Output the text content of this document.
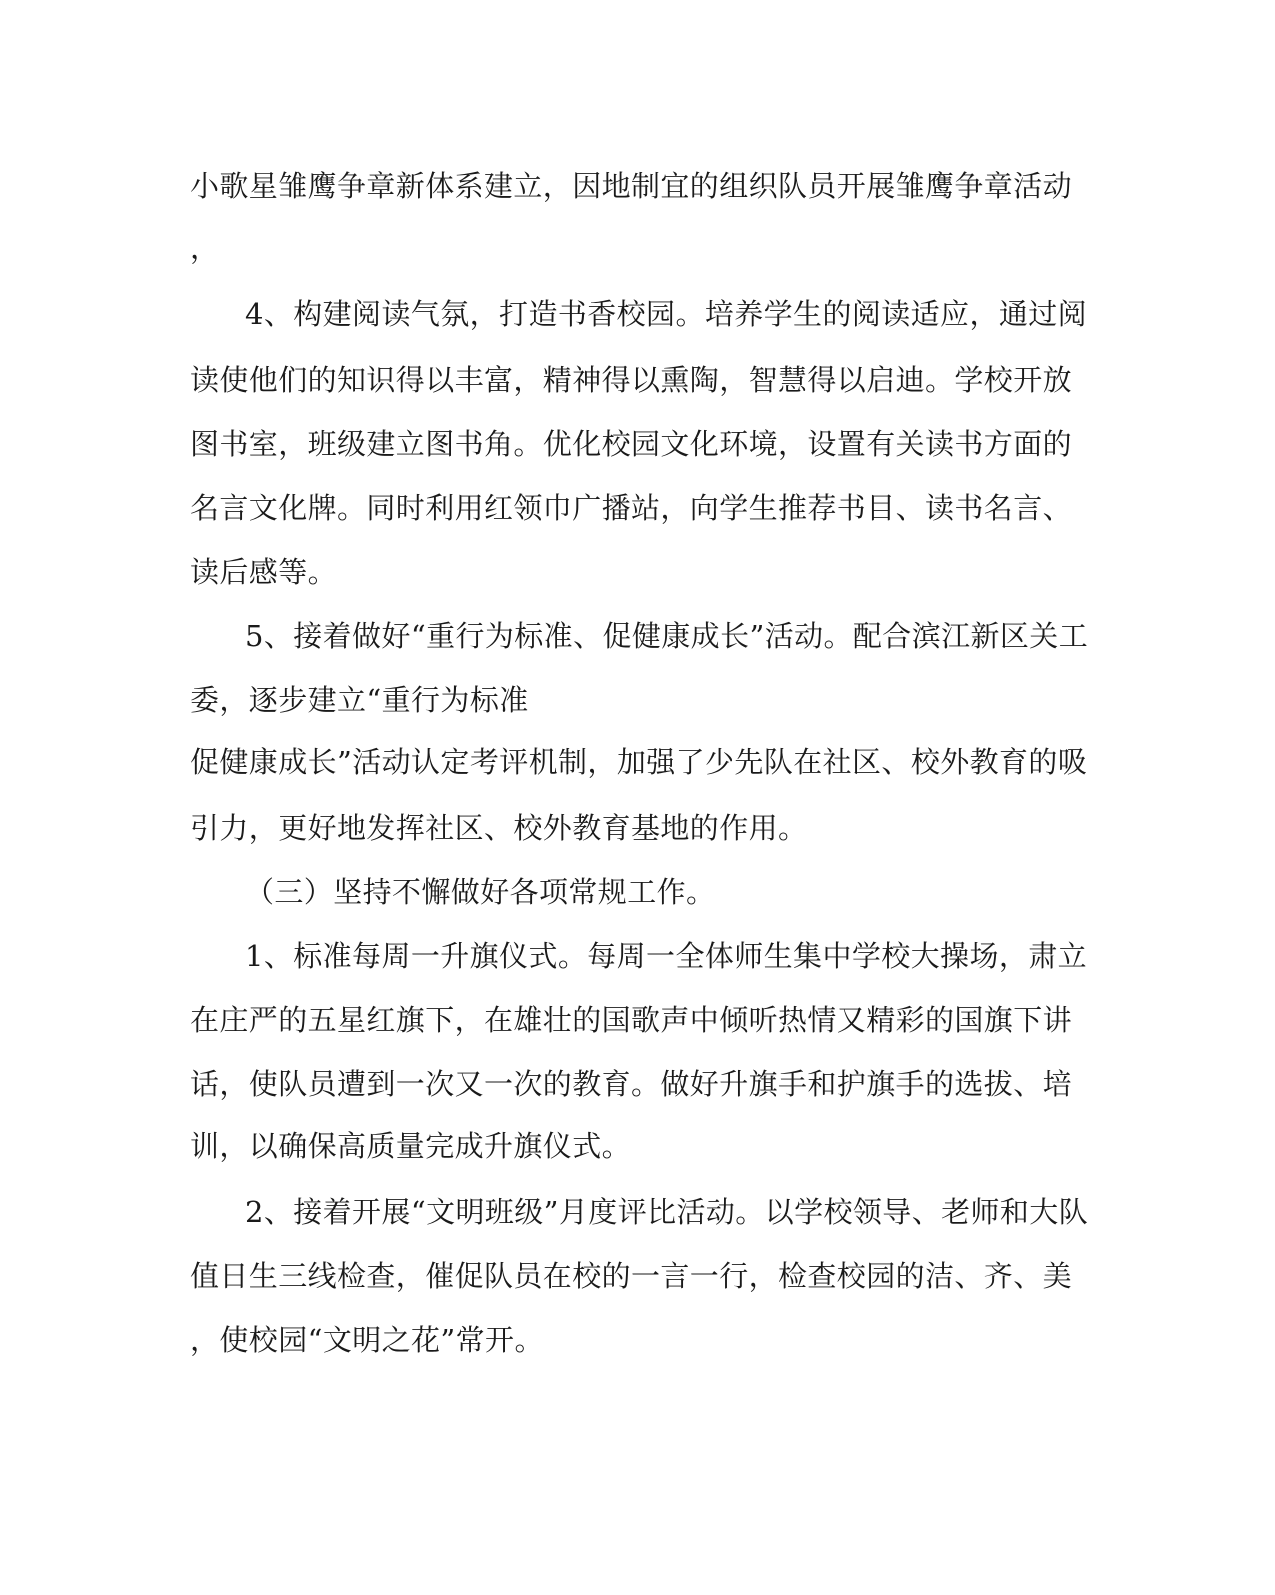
小歌星雏鹰争章新体系建立，因地制宜的组织队员开展雏鹰争章活动
，
4、构建阅读气氛，打造书香校园。培养学生的阅读适应，通过阅
读使他们的知识得以丰富，精神得以熏陶，智慧得以启迪。学校开放
图书室，班级建立图书角。优化校园文化环境，设置有关读书方面的
名言文化牌。同时利用红领巾广播站，向学生推荐书目、读书名言、
读后感等。
5、接着做好“重行为标准、促健康成长”活动。配合滨江新区关工
委，逐步建立“重行为标准
促健康成长”活动认定考评机制，加强了少先队在社区、校外教育的吸
引力，更好地发挥社区、校外教育基地的作用。
（三）坚持不懈做好各项常规工作。
1、标准每周一升旗仪式。每周一全体师生集中学校大操场，肃立
在庄严的五星红旗下，在雄壮的国歌声中倾听热情又精彩的国旗下讲
话，使队员遭到一次又一次的教育。做好升旗手和护旗手的选拔、培
训，以确保高质量完成升旗仪式。
2、接着开展“文明班级”月度评比活动。以学校领导、老师和大队
值日生三线检查，催促队员在校的一言一行，检查校园的洁、齐、美
，使校园“文明之花”常开。
